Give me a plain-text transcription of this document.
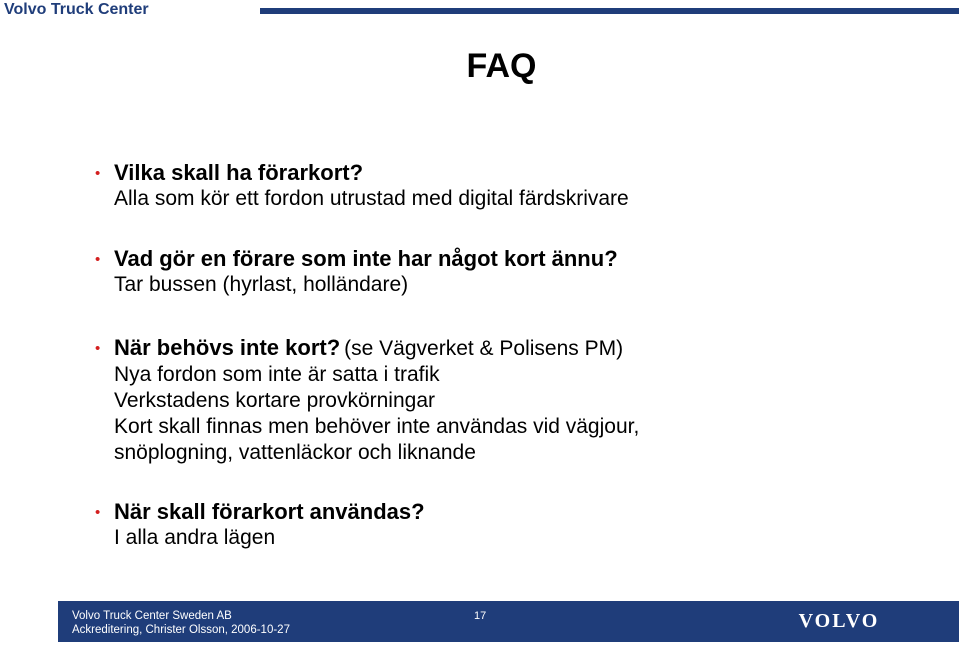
Volvo Truck Center
FAQ
• Vilka skall ha förarkort?
Alla som kör ett fordon utrustad med digital färdskrivare
• Vad gör en förare som inte har något kort ännu?
Tar bussen (hyrlast, holländare)
• När behövs inte kort? (se Vägverket & Polisens PM)
Nya fordon som inte är satta i trafik
Verkstadens kortare provkörningar
Kort skall finnas men behöver inte användas vid vägjour,
snöplogning, vattenläckor och liknande
• När skall förarkort användas?
I alla andra lägen
Volvo Truck Center Sweden AB
Ackreditering, Christer Olsson, 2006-10-27
17	VOLVO
